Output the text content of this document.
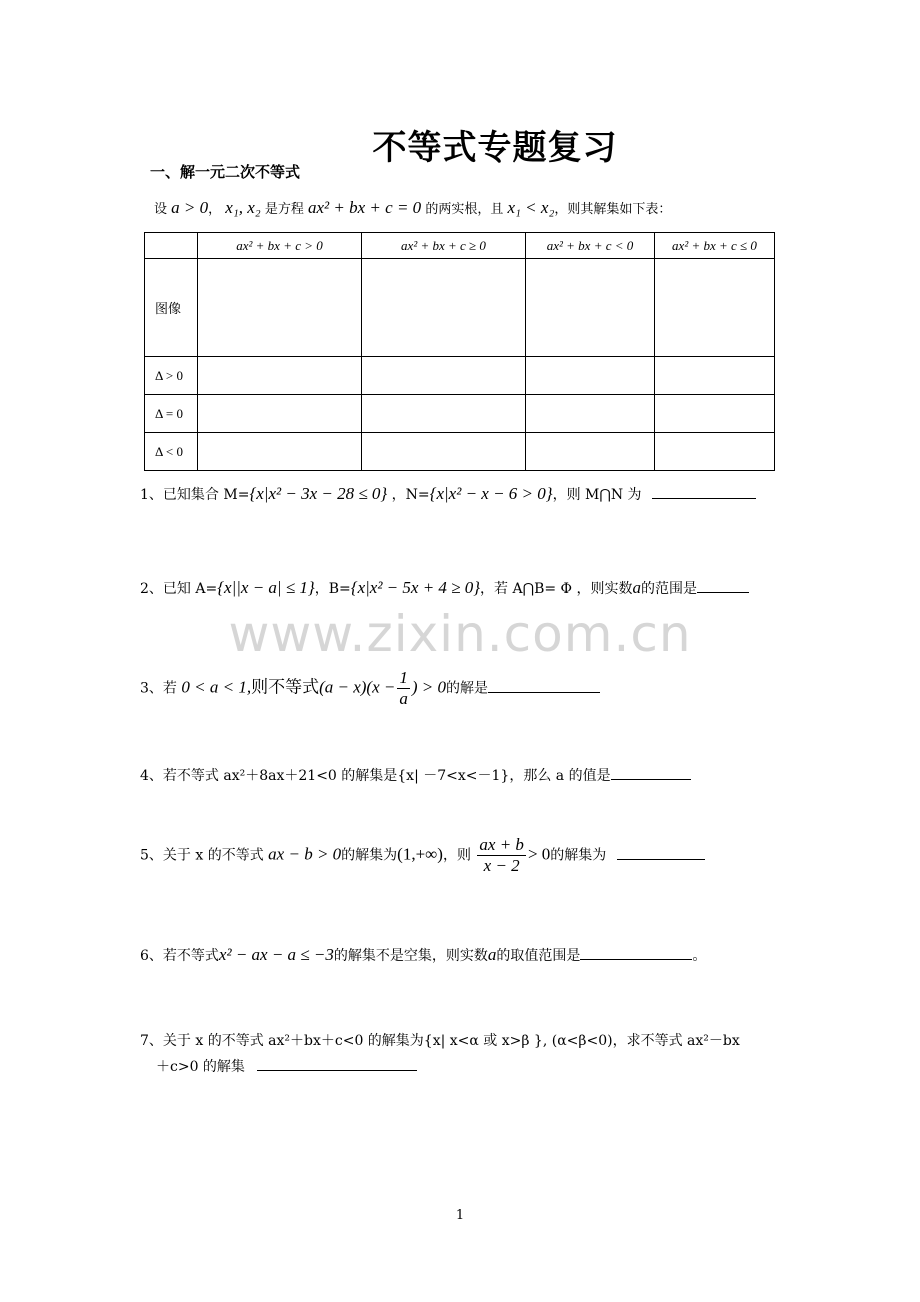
不等式专题复习
一、解一元二次不等式
设 a > 0， x₁, x₂ 是方程 ax² + bx + c = 0 的两实根，且 x₁ < x₂，则其解集如下表：
	ax² + bx + c > 0	ax² + bx + c ≥ 0	ax² + bx + c < 0	ax² + bx + c ≤ 0
图像				
Δ > 0				
Δ = 0				
Δ < 0				
1、已知集合 M={x|x² − 3x − 28 ≤ 0} ，N={x|x² − x − 6 > 0}，则 M⋂N 为
2、已知 A={x||x − a| ≤ 1}，B={x|x² − 5x + 4 ≥ 0}，若 A⋂B= Φ ，则实数a的范围是
www.zixin.com.cn
3、若 0 < a < 1,则不等式$(a - x)(x - \frac{1}{a}$ ) > 0的解是
4、若不等式 ax²＋8ax＋21<0 的解集是{x| －7<x<－1}，那么 a 的值是
5、关于 x 的不等式 ax − b > 0的解集为(1,+∞)，则 $\frac{ax + b}{x - 2} > 0$的解集为
6、若不等式x² − ax − a ≤ −3的解集不是空集，则实数a的取值范围是	。
7、关于 x 的不等式 ax²＋bx＋c<0 的解集为{x| x<α 或 x>β }, (α<β<0)，求不等式 ax²－bx
＋c>0 的解集
1
